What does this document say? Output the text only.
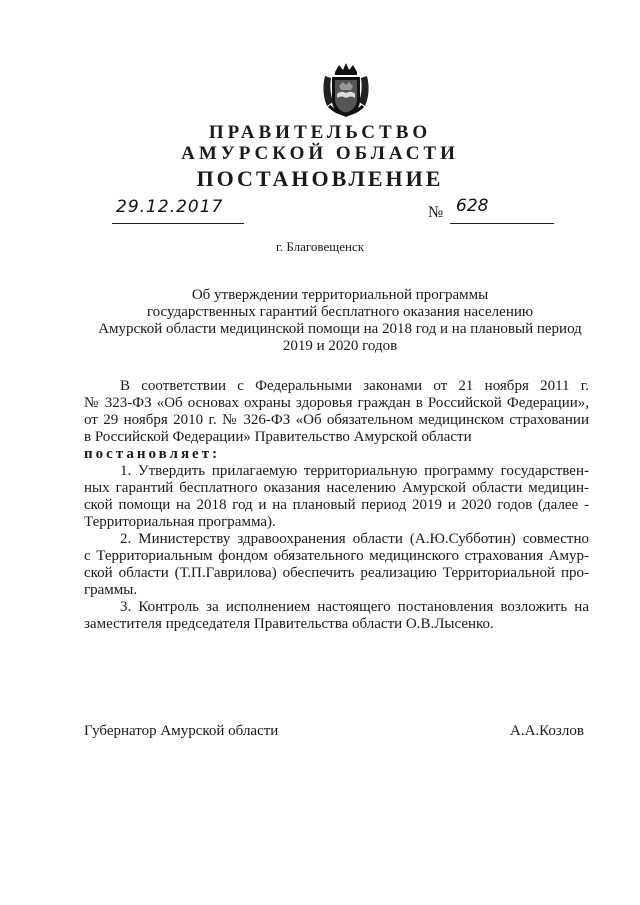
ПРАВИТЕЛЬСТВО
АМУРСКОЙ ОБЛАСТИ
ПОСТАНОВЛЕНИЕ
29.12.2017	№ 628
г. Благовещенск
Об утверждении территориальной программы
государственных гарантий бесплатного оказания населению
Амурской области медицинской помощи на 2018 год и на плановый период
2019 и 2020 годов
В соответствии с Федеральными законами от 21 ноября 2011 г.
№ 323-ФЗ «Об основах охраны здоровья граждан в Российской Федерации»,
от 29 ноября 2010 г. № 326-ФЗ «Об обязательном медицинском страховании
в Российской Федерации» Правительство Амурской области
постановляет:
1. Утвердить прилагаемую территориальную программу государствен-
ных гарантий бесплатного оказания населению Амурской области медицин-
ской помощи на 2018 год и на плановый период 2019 и 2020 годов (далее -
Территориальная программа).
2. Министерству здравоохранения области (А.Ю.Субботин) совместно
с Территориальным фондом обязательного медицинского страхования Амур-
ской области (Т.П.Гаврилова) обеспечить реализацию Территориальной про-
граммы.
3. Контроль за исполнением настоящего постановления возложить на
заместителя председателя Правительства области О.В.Лысенко.
Губернатор Амурской области	А.А.Козлов
